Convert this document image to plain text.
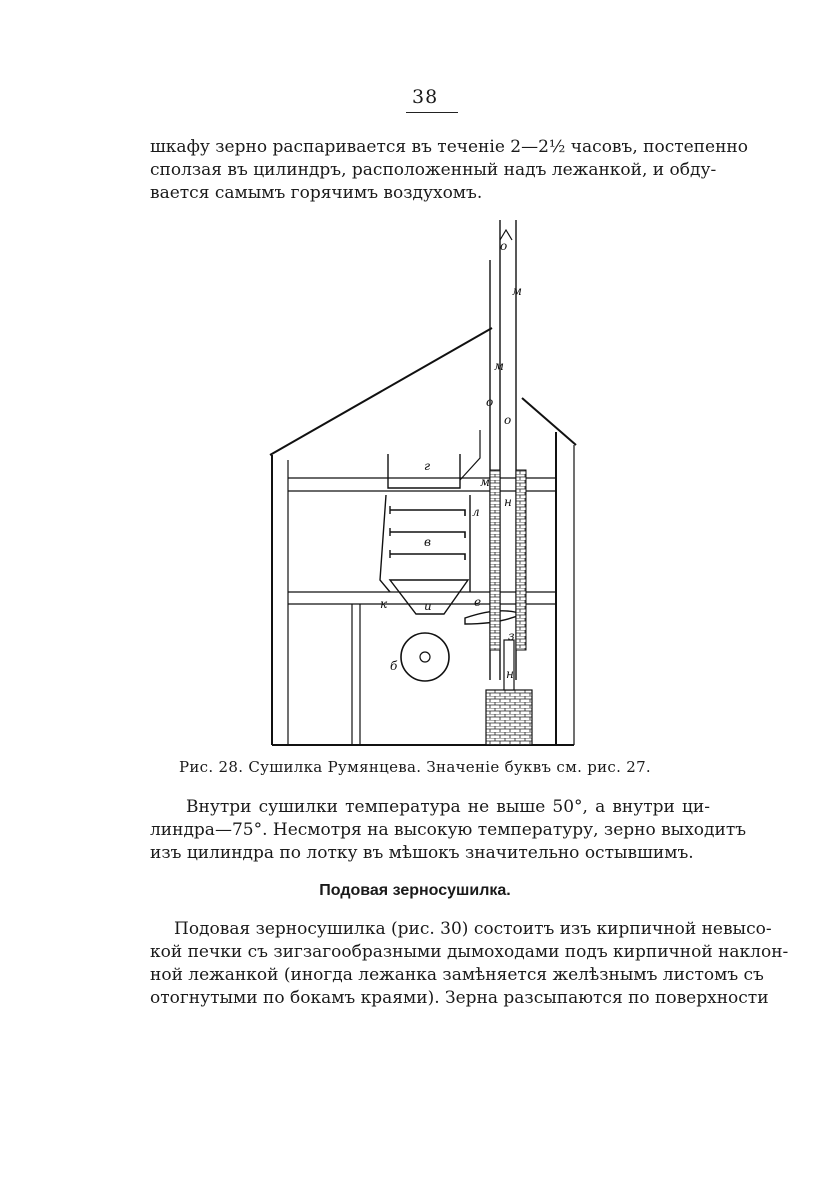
38
шкафу зерно распаривается въ теченіе 2—2½ часовъ, постепенно
сползая въ цилиндръ, расположенный надъ лежанкой, и обду-
вается самымъ горячимъ воздухомъ.
о
м
м
о
о
г
м
н
л
в
к	и	е
з
б
н
Рис. 28. Сушилка Румянцева. Значеніе буквъ см. рис. 27.
Внутри сушилки температура не выше 50°, а внутри ци-
линдра—75°. Несмотря на высокую температуру, зерно выходитъ
изъ цилиндра по лотку въ мѣшокъ значительно остывшимъ.
Подовая зерносушилка.
Подовая зерносушилка (рис. 30) состоитъ изъ кирпичной невысо-
кой печки съ зигзагообразными дымоходами подъ кирпичной наклон-
ной лежанкой (иногда лежанка замѣняется желѣзнымъ листомъ съ
отогнутыми по бокамъ краями). Зерна разсыпаются по поверхности
